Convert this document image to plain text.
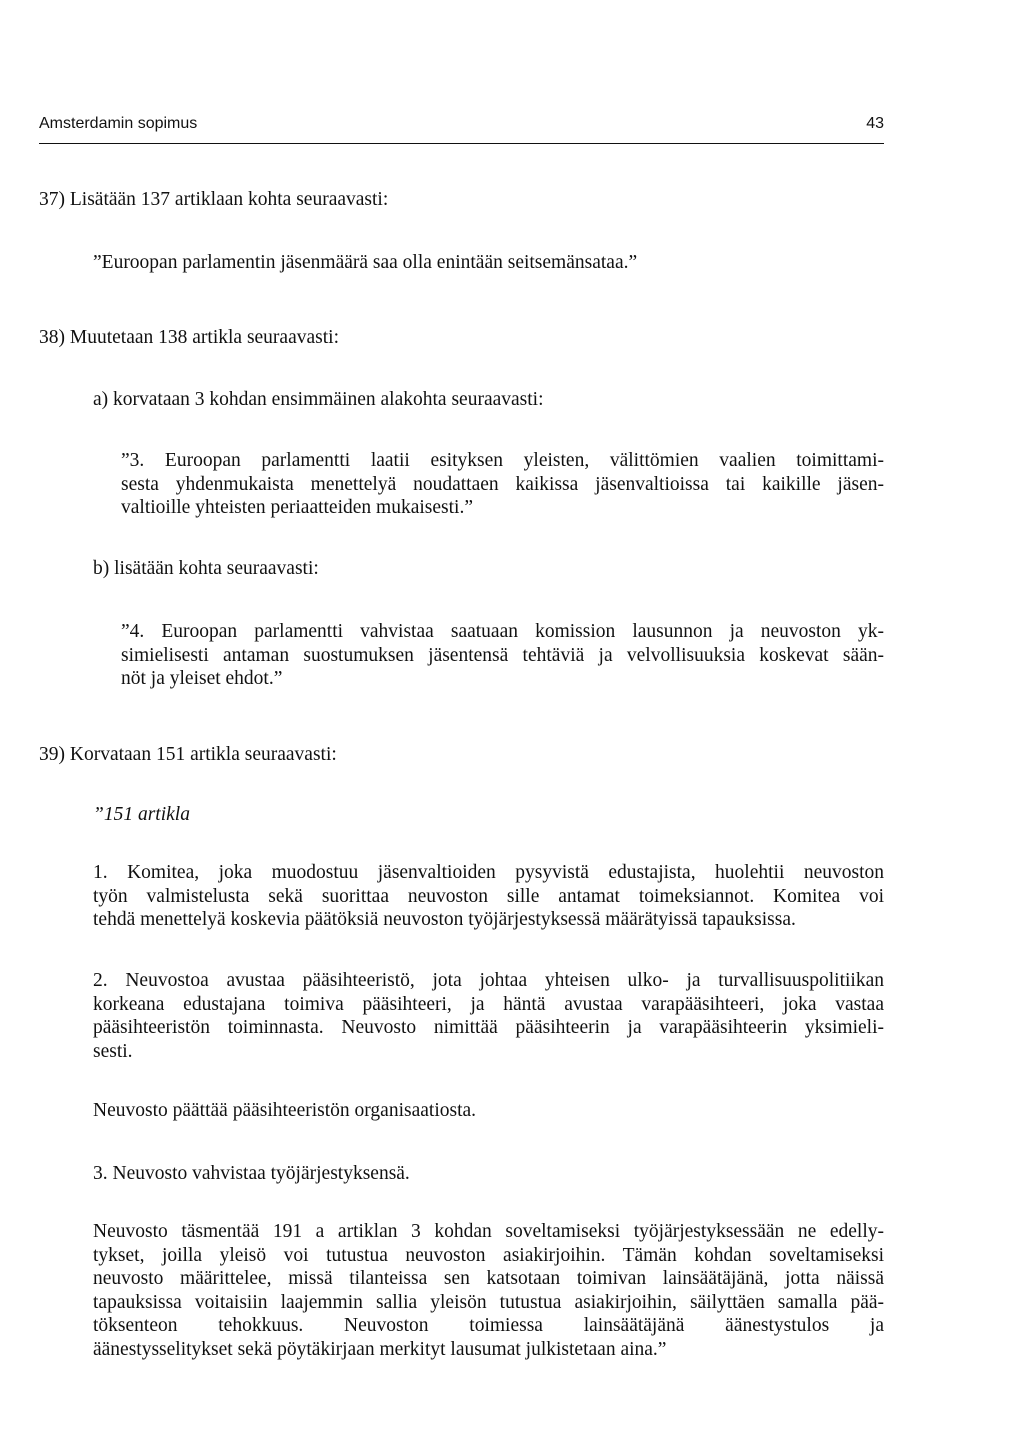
Amsterdamin sopimus	43
37) Lisätään 137 artiklaan kohta seuraavasti:
”Euroopan parlamentin jäsenmäärä saa olla enintään seitsemänsataa.”
38) Muutetaan 138 artikla seuraavasti:
a) korvataan 3 kohdan ensimmäinen alakohta seuraavasti:
”3. Euroopan parlamentti laatii esityksen yleisten, välittömien vaalien toimittami-
sesta yhdenmukaista menettelyä noudattaen kaikissa jäsenvaltioissa tai kaikille jäsen-
valtioille yhteisten periaatteiden mukaisesti.”
b) lisätään kohta seuraavasti:
”4. Euroopan parlamentti vahvistaa saatuaan komission lausunnon ja neuvoston yk-
simielisesti antaman suostumuksen jäsentensä tehtäviä ja velvollisuuksia koskevat sään-
nöt ja yleiset ehdot.”
39) Korvataan 151 artikla seuraavasti:
”151 artikla
1. Komitea, joka muodostuu jäsenvaltioiden pysyvistä edustajista, huolehtii neuvoston
työn valmistelusta sekä suorittaa neuvoston sille antamat toimeksiannot. Komitea voi
tehdä menettelyä koskevia päätöksiä neuvoston työjärjestyksessä määrätyissä tapauksissa.
2. Neuvostoa avustaa pääsihteeristö, jota johtaa yhteisen ulko- ja turvallisuuspolitiikan
korkeana edustajana toimiva pääsihteeri, ja häntä avustaa varapääsihteeri, joka vastaa
pääsihteeristön toiminnasta. Neuvosto nimittää pääsihteerin ja varapääsihteerin yksimieli-
sesti.
Neuvosto päättää pääsihteeristön organisaatiosta.
3. Neuvosto vahvistaa työjärjestyksensä.
Neuvosto täsmentää 191 a artiklan 3 kohdan soveltamiseksi työjärjestyksessään ne edelly-
tykset, joilla yleisö voi tutustua neuvoston asiakirjoihin. Tämän kohdan soveltamiseksi
neuvosto määrittelee, missä tilanteissa sen katsotaan toimivan lainsäätäjänä, jotta näissä
tapauksissa voitaisiin laajemmin sallia yleisön tutustua asiakirjoihin, säilyttäen samalla pää-
töksenteon tehokkuus. Neuvoston toimiessa lainsäätäjänä äänestystulos ja
äänestysselitykset sekä pöytäkirjaan merkityt lausumat julkistetaan aina.”
